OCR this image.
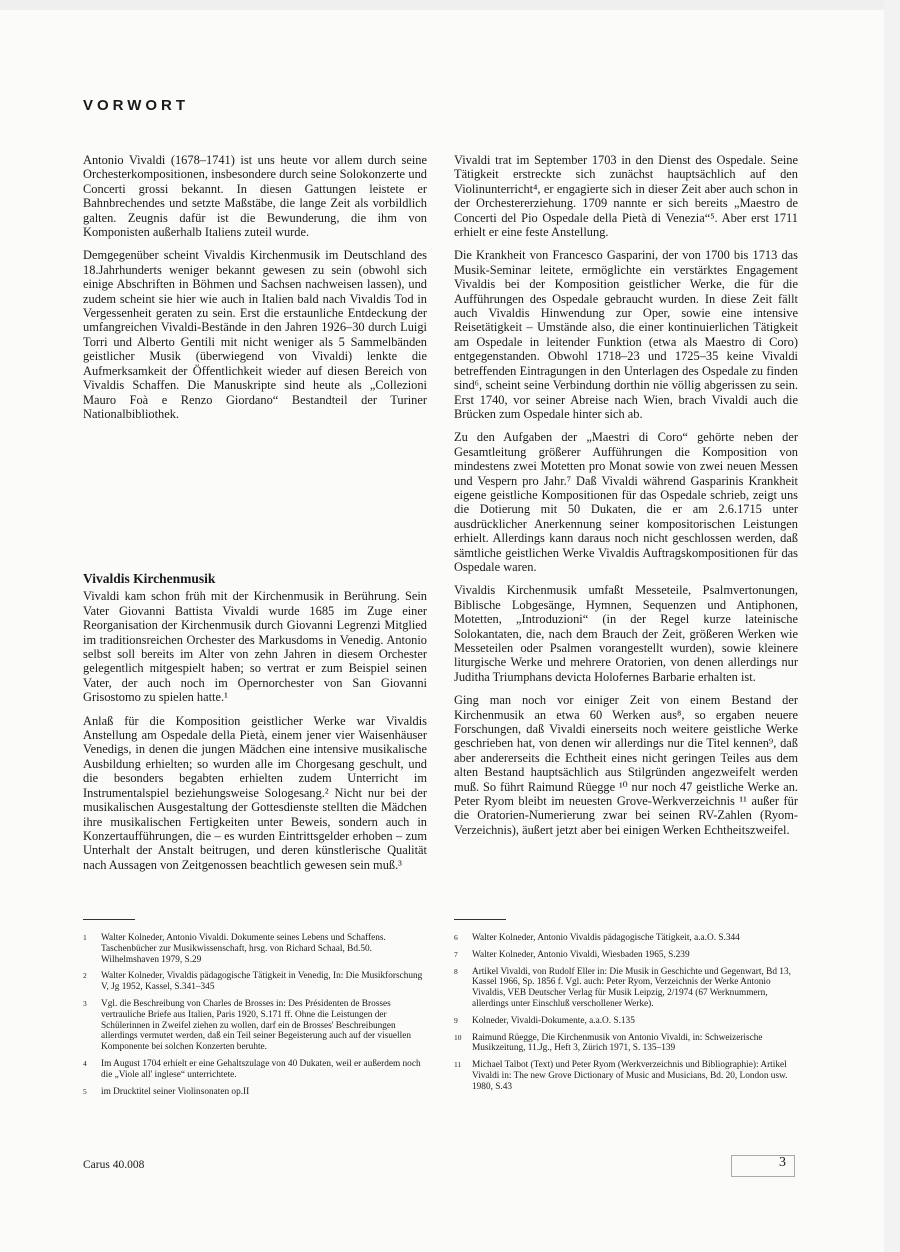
VORWORT

Antonio Vivaldi (1678–1741) ist uns heute vor allem durch seine Orchesterkompositionen, insbesondere durch seine Solokonzerte und Concerti grossi bekannt. In diesen Gattungen leistete er Bahnbrechendes und setzte Maßstäbe, die lange Zeit als vorbildlich galten. Zeugnis dafür ist die Bewunderung, die ihm von Komponisten außerhalb Italiens zuteil wurde.

Demgegenüber scheint Vivaldis Kirchenmusik im Deutschland des 18.Jahrhunderts weniger bekannt gewesen zu sein (obwohl sich einige Abschriften in Böhmen und Sachsen nachweisen lassen), und zudem scheint sie hier wie auch in Italien bald nach Vivaldis Tod in Vergessenheit geraten zu sein. Erst die erstaunliche Entdeckung der umfangreichen Vivaldi-Bestände in den Jahren 1926–30 durch Luigi Torri und Alberto Gentili mit nicht weniger als 5 Sammelbänden geistlicher Musik (überwiegend von Vivaldi) lenkte die Aufmerksamkeit der Öffentlichkeit wieder auf diesen Bereich von Vivaldis Schaffen. Die Manuskripte sind heute als „Collezioni Mauro Foà e Renzo Giordano“ Bestandteil der Turiner Nationalbibliothek.

Vivaldis Kirchenmusik

Vivaldi kam schon früh mit der Kirchenmusik in Berührung. Sein Vater Giovanni Battista Vivaldi wurde 1685 im Zuge einer Reorganisation der Kirchenmusik durch Giovanni Legrenzi Mitglied im traditionsreichen Orchester des Markusdoms in Venedig. Antonio selbst soll bereits im Alter von zehn Jahren in diesem Orchester gelegentlich mitgespielt haben; so vertrat er zum Beispiel seinen Vater, der auch noch im Opernorchester von San Giovanni Grisostomo zu spielen hatte.¹

Anlaß für die Komposition geistlicher Werke war Vivaldis Anstellung am Ospedale della Pietà, einem jener vier Waisenhäuser Venedigs, in denen die jungen Mädchen eine intensive musikalische Ausbildung erhielten; so wurden alle im Chorgesang geschult, und die besonders begabten erhielten zudem Unterricht im Instrumentalspiel beziehungsweise Sologesang.² Nicht nur bei der musikalischen Ausgestaltung der Gottesdienste stellten die Mädchen ihre musikalischen Fertigkeiten unter Beweis, sondern auch in Konzertaufführungen, die – es wurden Eintrittsgelder erhoben – zum Unterhalt der Anstalt beitrugen, und deren künstlerische Qualität nach Aussagen von Zeitgenossen beachtlich gewesen sein muß.³

Vivaldi trat im September 1703 in den Dienst des Ospedale. Seine Tätigkeit erstreckte sich zunächst hauptsächlich auf den Violinunterricht⁴, er engagierte sich in dieser Zeit aber auch schon in der Orchestererziehung. 1709 nannte er sich bereits „Maestro de Concerti del Pio Ospedale della Pietà di Venezia“⁵. Aber erst 1711 erhielt er eine feste Anstellung.

Die Krankheit von Francesco Gasparini, der von 1700 bis 1713 das Musik-Seminar leitete, ermöglichte ein verstärktes Engagement Vivaldis bei der Komposition geistlicher Werke, die für die Aufführungen des Ospedale gebraucht wurden. In diese Zeit fällt auch Vivaldis Hinwendung zur Oper, sowie eine intensive Reisetätigkeit – Umstände also, die einer kontinuierlichen Tätigkeit am Ospedale in leitender Funktion (etwa als Maestro di Coro) entgegenstanden. Obwohl 1718–23 und 1725–35 keine Vivaldi betreffenden Eintragungen in den Unterlagen des Ospedale zu finden sind⁶, scheint seine Verbindung dorthin nie völlig abgerissen zu sein. Erst 1740, vor seiner Abreise nach Wien, brach Vivaldi auch die Brücken zum Ospedale hinter sich ab.

Zu den Aufgaben der „Maestri di Coro“ gehörte neben der Gesamtleitung größerer Aufführungen die Komposition von mindestens zwei Motetten pro Monat sowie von zwei neuen Messen und Vespern pro Jahr.⁷ Daß Vivaldi während Gasparinis Krankheit eigene geistliche Kompositionen für das Ospedale schrieb, zeigt uns die Dotierung mit 50 Dukaten, die er am 2.6.1715 unter ausdrücklicher Anerkennung seiner kompositorischen Leistungen erhielt. Allerdings kann daraus noch nicht geschlossen werden, daß sämtliche geistlichen Werke Vivaldis Auftragskompositionen für das Ospedale waren.

Vivaldis Kirchenmusik umfaßt Messeteile, Psalmvertonungen, Biblische Lobgesänge, Hymnen, Sequenzen und Antiphonen, Motetten, „Introduzioni“ (in der Regel kurze lateinische Solokantaten, die, nach dem Brauch der Zeit, größeren Werken wie Messeteilen oder Psalmen vorangestellt wurden), sowie kleinere liturgische Werke und mehrere Oratorien, von denen allerdings nur Juditha Triumphans devicta Holofernes Barbarie erhalten ist.

Ging man noch vor einiger Zeit von einem Bestand der Kirchenmusik an etwa 60 Werken aus⁸, so ergaben neuere Forschungen, daß Vivaldi einerseits noch weitere geistliche Werke geschrieben hat, von denen wir allerdings nur die Titel kennen⁹, daß aber andererseits die Echtheit eines nicht geringen Teiles aus dem alten Bestand hauptsächlich aus Stilgründen angezweifelt werden muß. So führt Raimund Rüegge ¹⁰ nur noch 47 geistliche Werke an. Peter Ryom bleibt im neuesten Grove-Werkverzeichnis ¹¹ außer für die Oratorien-Numerierung zwar bei seinen RV-Zahlen (Ryom-Verzeichnis), äußert jetzt aber bei einigen Werken Echtheitszweifel.

1	Walter Kolneder, Antonio Vivaldi. Dokumente seines Lebens und Schaffens. Taschenbücher zur Musikwissenschaft, hrsg. von Richard Schaal, Bd.50. Wilhelmshaven 1979, S.29
2	Walter Kolneder, Vivaldis pädagogische Tätigkeit in Venedig, In: Die Musikforschung V, Jg 1952, Kassel, S.341–345
3	Vgl. die Beschreibung von Charles de Brosses in: Des Présidenten de Brosses vertrauliche Briefe aus Italien, Paris 1920, S.171 ff. Ohne die Leistungen der Schülerinnen in Zweifel ziehen zu wollen, darf ein de Brosses' Beschreibungen allerdings vermutet werden, daß ein Teil seiner Begeisterung auch auf der visuellen Komponente bei solchen Konzerten beruhte.
4	Im August 1704 erhielt er eine Gehaltszulage von 40 Dukaten, weil er außerdem noch die „Viole all' inglese“ unterrichtete.
5	im Drucktitel seiner Violinsonaten op.II
6	Walter Kolneder, Antonio Vivaldis pädagogische Tätigkeit, a.a.O. S.344
7	Walter Kolneder, Antonio Vivaldi, Wiesbaden 1965, S.239
8	Artikel Vivaldi, von Rudolf Eller in: Die Musik in Geschichte und Gegenwart, Bd 13, Kassel 1966, Sp. 1856 f. Vgl. auch: Peter Ryom, Verzeichnis der Werke Antonio Vivaldis, VEB Deutscher Verlag für Musik Leipzig, 2/1974 (67 Werknummern, allerdings unter Einschluß verschollener Werke).
9	Kolneder, Vivaldi-Dokumente, a.a.O. S.135
10	Raimund Rüegge, Die Kirchenmusik von Antonio Vivaldi, in: Schweizerische Musikzeitung, 11.Jg., Heft 3, Zürich 1971, S. 135–139
11	Michael Talbot (Text) und Peter Ryom (Werkverzeichnis und Bibliographie): Artikel Vivaldi in: The new Grove Dictionary of Music and Musicians, Bd. 20, London usw. 1980, S.43
Carus 40.008	3
